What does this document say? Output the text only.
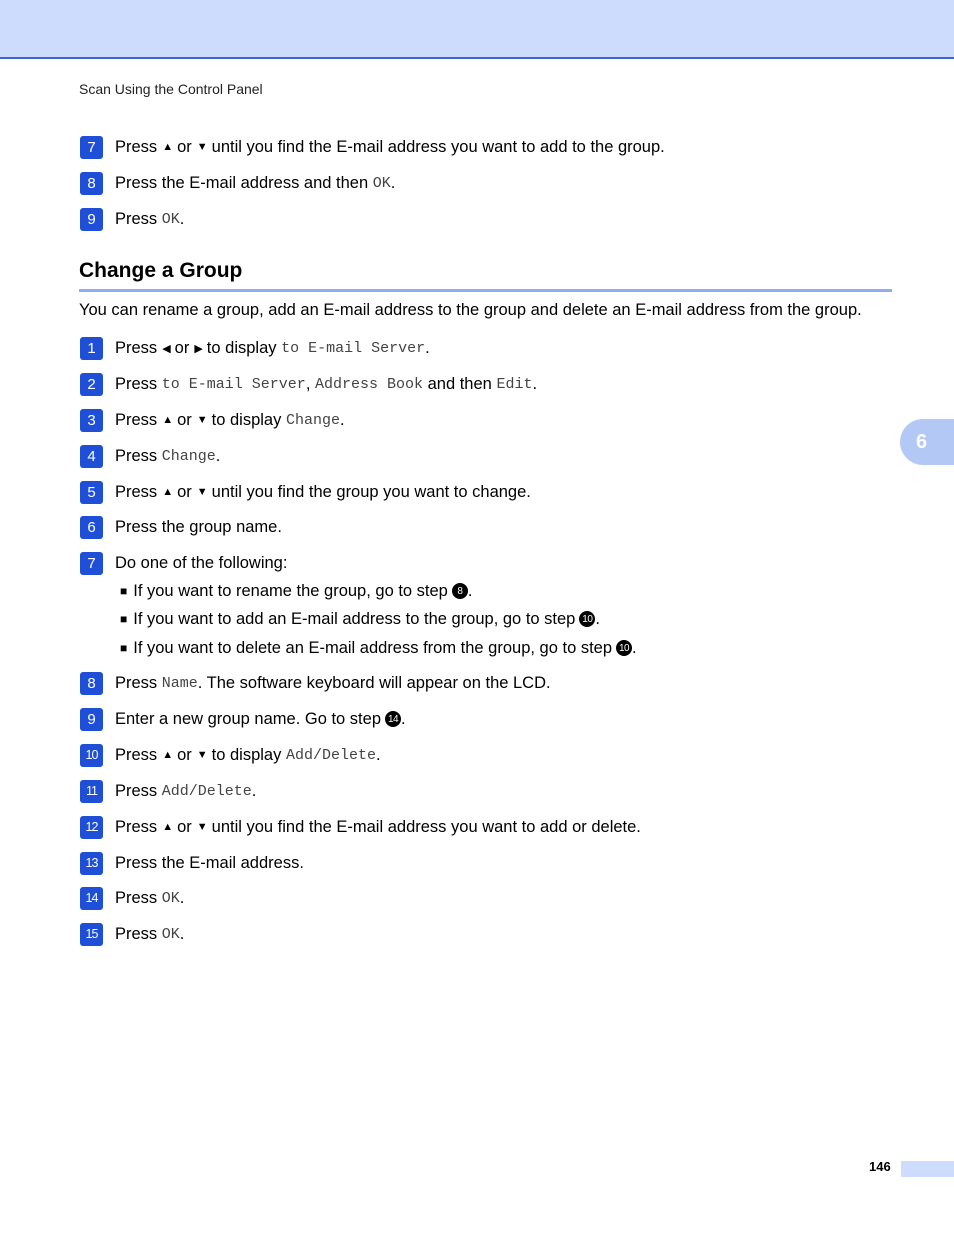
Scan Using the Control Panel
6
7	Press ▲ or ▼ until you find the E-mail address you want to add to the group.
8	Press the E-mail address and then
OK .
9	Press
OK .
Change a Group
You can rename a group, add an E-mail address to the group and delete an E-mail address from the group.
1	Press ◀ or ▶ to display
to E-mail Server .
2	Press
to E-mail Server , Address Book
and then
Edit .
3	Press ▲ or ▼ to display
Change .
4	Press
Change .
5	Press ▲ or ▼ until you find the group you want to change.
6	Press the group name.
7	Do one of the following:
■ If you want to rename the group, go to step 8 .
■ If you want to add an E-mail address to the group, go to step 10 .
■ If you want to delete an E-mail address from the group, go to step 10 .
8	Press
Name . The software keyboard will appear on the LCD.
9	Enter a new group name. Go to step 14 .
10	Press ▲ or ▼ to display
Add/Delete .
11	Press
Add/Delete .
12	Press ▲ or ▼ until you find the E-mail address you want to add or delete.
13	Press the E-mail address.
14	Press
OK .
15	Press
OK .
146
